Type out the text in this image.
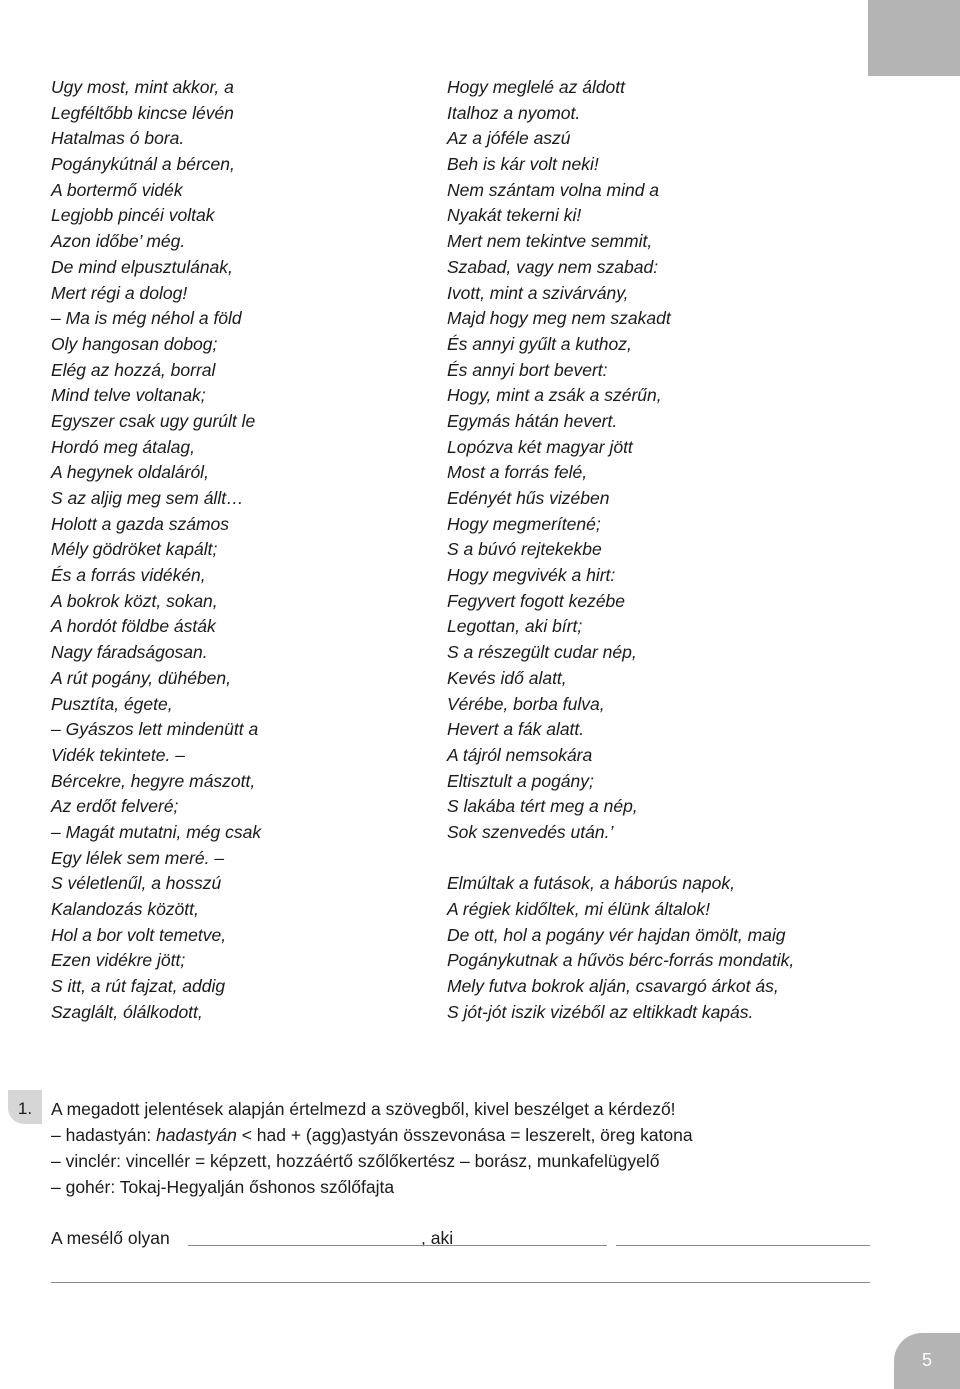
Ugy most, mint akkor, a
Legféltőbb kincse lévén
Hatalmas ó bora.
Pogánykútnál a bércen,
A bortermő vidék
Legjobb pincéi voltak
Azon időbe’ még.
De mind elpusztulának,
Mert régi a dolog!
– Ma is még néhol a föld
Oly hangosan dobog;
Elég az hozzá, borral
Mind telve voltanak;
Egyszer csak ugy gurúlt le
Hordó meg átalag,
A hegynek oldaláról,
S az aljig meg sem állt…
Holott a gazda számos
Mély gödröket kapált;
És a forrás vidékén,
A bokrok közt, sokan,
A hordót földbe ásták
Nagy fáradságosan.
A rút pogány, dühében,
Pusztíta, égete,
– Gyászos lett mindenütt a
Vidék tekintete. –
Bércekre, hegyre mászott,
Az erdőt felveré;
– Magát mutatni, még csak
Egy lélek sem meré. –
S véletlenűl, a hosszú
Kalandozás között,
Hol a bor volt temetve,
Ezen vidékre jött;
S itt, a rút fajzat, addig
Szaglált, ólálkodott,
Hogy meglelé az áldott
Italhoz a nyomot.
Az a jóféle aszú
Beh is kár volt neki!
Nem szántam volna mind a
Nyakát tekerni ki!
Mert nem tekintve semmit,
Szabad, vagy nem szabad:
Ivott, mint a szivárvány,
Majd hogy meg nem szakadt
És annyi gyűlt a kuthoz,
És annyi bort bevert:
Hogy, mint a zsák a szérűn,
Egymás hátán hevert.
Lopózva két magyar jött
Most a forrás felé,
Edényét hűs vizében
Hogy megmerítené;
S a búvó rejtekekbe
Hogy megvivék a hirt:
Fegyvert fogott kezébe
Legottan, aki bírt;
S a részegült cudar nép,
Kevés idő alatt,
Vérébe, borba fulva,
Hevert a fák alatt.
A tájról nemsokára
Eltisztult a pogány;
S lakába tért meg a nép,
Sok szenvedés után.’
Elmúltak a futások, a háborús napok,
A régiek kidőltek, mi élünk általok!
De ott, hol a pogány vér hajdan ömölt, maig
Pogánykutnak a hűvös bérc-forrás mondatik,
Mely futva bokrok alján, csavargó árkot ás,
S jót-jót iszik vizéből az eltikkadt kapás.
1.	A megadott jelentések alapján értelmezd a szövegből, kivel beszélget a kérdező!
– hadastyán: hadastyán < had + (agg)astyán összevonása = leszerelt, öreg katona
– vinclér: vincellér = képzett, hozzáértő szőlőkertész – borász, munkafelügyelő
– gohér: Tokaj-Hegyalján őshonos szőlőfajta
A mesélő olyan	, aki
5
